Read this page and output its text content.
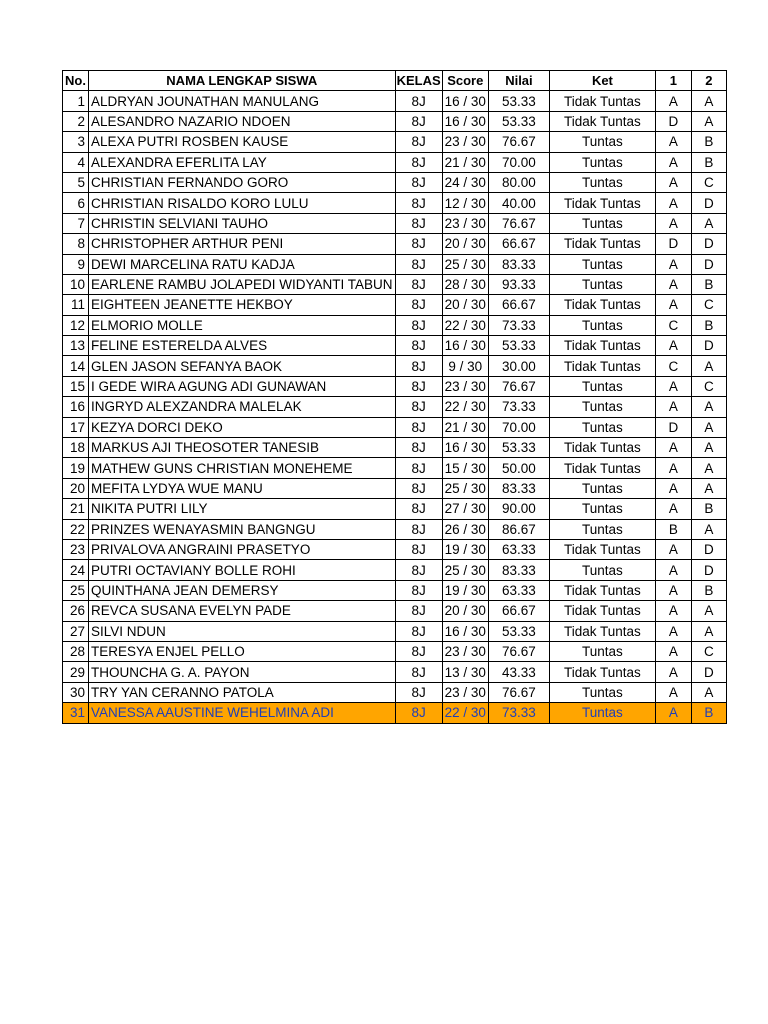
No.	NAMA LENGKAP SISWA	KELAS	Score	Nilai	Ket	1	2
1	ALDRYAN JOUNATHAN MANULANG	8J	16 / 30	53.33	Tidak Tuntas	A	A
2	ALESANDRO NAZARIO NDOEN	8J	16 / 30	53.33	Tidak Tuntas	D	A
3	ALEXA PUTRI ROSBEN KAUSE	8J	23 / 30	76.67	Tuntas	A	B
4	ALEXANDRA EFERLITA LAY	8J	21 / 30	70.00	Tuntas	A	B
5	CHRISTIAN FERNANDO GORO	8J	24 / 30	80.00	Tuntas	A	C
6	CHRISTIAN RISALDO KORO LULU	8J	12 / 30	40.00	Tidak Tuntas	A	D
7	CHRISTIN SELVIANI TAUHO	8J	23 / 30	76.67	Tuntas	A	A
8	CHRISTOPHER ARTHUR PENI	8J	20 / 30	66.67	Tidak Tuntas	D	D
9	DEWI MARCELINA RATU KADJA	8J	25 / 30	83.33	Tuntas	A	D
10	EARLENE RAMBU JOLAPEDI WIDYANTI TABUN	8J	28 / 30	93.33	Tuntas	A	B
11	EIGHTEEN JEANETTE HEKBOY	8J	20 / 30	66.67	Tidak Tuntas	A	C
12	ELMORIO MOLLE	8J	22 / 30	73.33	Tuntas	C	B
13	FELINE ESTERELDA ALVES	8J	16 / 30	53.33	Tidak Tuntas	A	D
14	GLEN JASON SEFANYA BAOK	8J	9 / 30	30.00	Tidak Tuntas	C	A
15	I GEDE WIRA AGUNG ADI GUNAWAN	8J	23 / 30	76.67	Tuntas	A	C
16	INGRYD ALEXZANDRA MALELAK	8J	22 / 30	73.33	Tuntas	A	A
17	KEZYA DORCI DEKO	8J	21 / 30	70.00	Tuntas	D	A
18	MARKUS AJI THEOSOTER TANESIB	8J	16 / 30	53.33	Tidak Tuntas	A	A
19	MATHEW GUNS CHRISTIAN MONEHEME	8J	15 / 30	50.00	Tidak Tuntas	A	A
20	MEFITA LYDYA WUE MANU	8J	25 / 30	83.33	Tuntas	A	A
21	NIKITA PUTRI LILY	8J	27 / 30	90.00	Tuntas	A	B
22	PRINZES WENAYASMIN BANGNGU	8J	26 / 30	86.67	Tuntas	B	A
23	PRIVALOVA ANGRAINI PRASETYO	8J	19 / 30	63.33	Tidak Tuntas	A	D
24	PUTRI OCTAVIANY BOLLE ROHI	8J	25 / 30	83.33	Tuntas	A	D
25	QUINTHANA JEAN DEMERSY	8J	19 / 30	63.33	Tidak Tuntas	A	B
26	REVCA SUSANA EVELYN PADE	8J	20 / 30	66.67	Tidak Tuntas	A	A
27	SILVI NDUN	8J	16 / 30	53.33	Tidak Tuntas	A	A
28	TERESYA ENJEL PELLO	8J	23 / 30	76.67	Tuntas	A	C
29	THOUNCHA G. A. PAYON	8J	13 / 30	43.33	Tidak Tuntas	A	D
30	TRY YAN CERANNO PATOLA	8J	23 / 30	76.67	Tuntas	A	A
31	VANESSA AAUSTINE WEHELMINA ADI	8J	22 / 30	73.33	Tuntas	A	B
